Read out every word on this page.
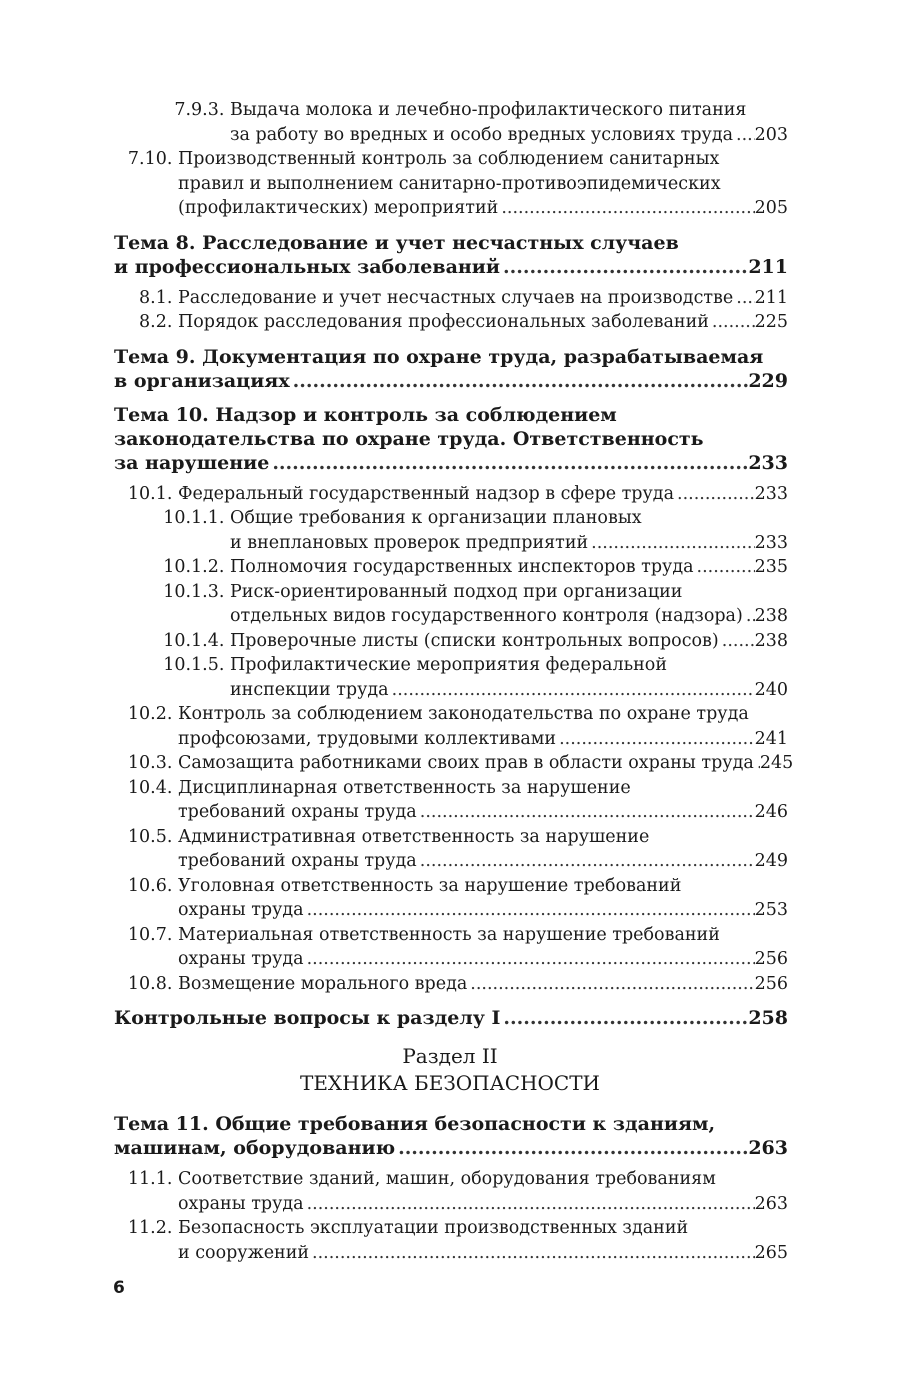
7.9.3. Выдача молока и лечебно-профилактического питания
за работу во вредных и особо вредных условиях труда ..... 203
7.10. Производственный контроль за соблюдением санитарных
правил и выполнением санитарно-противоэпидемических
(профилактических) мероприятий .....	205
Тема 8. Расследование и учет несчастных случаев
и профессиональных заболеваний .....	211
8.1. Расследование и учет несчастных случаев на производстве ..... 211
8.2. Порядок расследования профессиональных заболеваний .....	225
Тема 9. Документация по охране труда, разрабатываемая
в организациях .....	229
Тема 10. Надзор и контроль за соблюдением
законодательства по охране труда. Ответственность
за нарушение .....	233
10.1. Федеральный государственный надзор в сфере труда .....	233
10.1.1. Общие требования к организации плановых
и внеплановых проверок предприятий .....	233
10.1.2. Полномочия государственных инспекторов труда .....	235
10.1.3. Риск-ориентированный подход при организации
отдельных видов государственного контроля (надзора) ..... 238
10.1.4. Проверочные листы (списки контрольных вопросов) ..... 238
10.1.5. Профилактические мероприятия федеральной
инспекции труда .....	240
10.2. Контроль за соблюдением законодательства по охране труда
профсоюзами, трудовыми коллективами .....	241
10.3. Самозащита работниками своих прав в области охраны труда ..... 245
10.4. Дисциплинарная ответственность за нарушение
требований охраны труда .....	246
10.5. Административная ответственность за нарушение
требований охраны труда .....	249
10.6. Уголовная ответственность за нарушение требований
охраны труда .....	253
10.7. Материальная ответственность за нарушение требований
охраны труда .....	256
10.8. Возмещение морального вреда .....	256
Контрольные вопросы к разделу I .....	258
Раздел II
ТЕХНИКА БЕЗОПАСНОСТИ
Тема 11. Общие требования безопасности к зданиям,
машинам, оборудованию .....	263
11.1. Соответствие зданий, машин, оборудования требованиям
охраны труда .....	263
11.2. Безопасность эксплуатации производственных зданий
и сооружений .....	265
6
